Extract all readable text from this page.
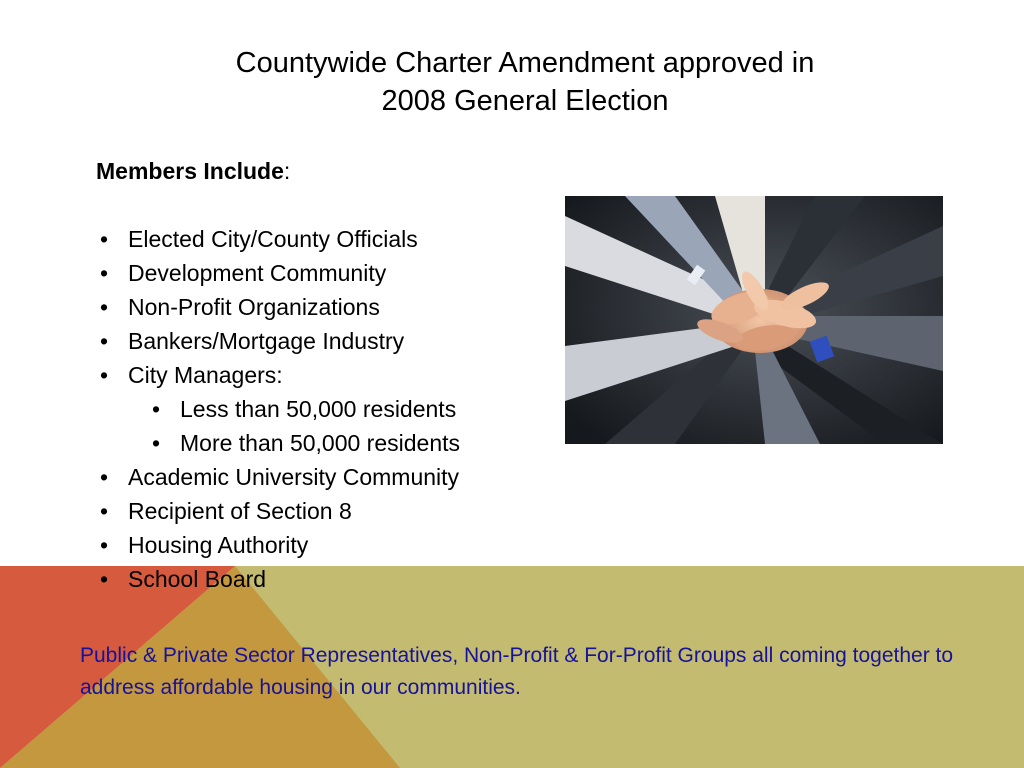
Countywide Charter Amendment approved in
2008 General Election
Members Include:
• Elected City/County Officials
• Development Community
• Non-Profit Organizations
• Bankers/Mortgage Industry
• City Managers:
• Less than 50,000 residents
• More than 50,000 residents
• Academic University Community
• Recipient of Section 8
• Housing Authority
• School Board
Public & Private Sector Representatives, Non-Profit & For-Profit Groups all coming together to address affordable housing in our communities.
